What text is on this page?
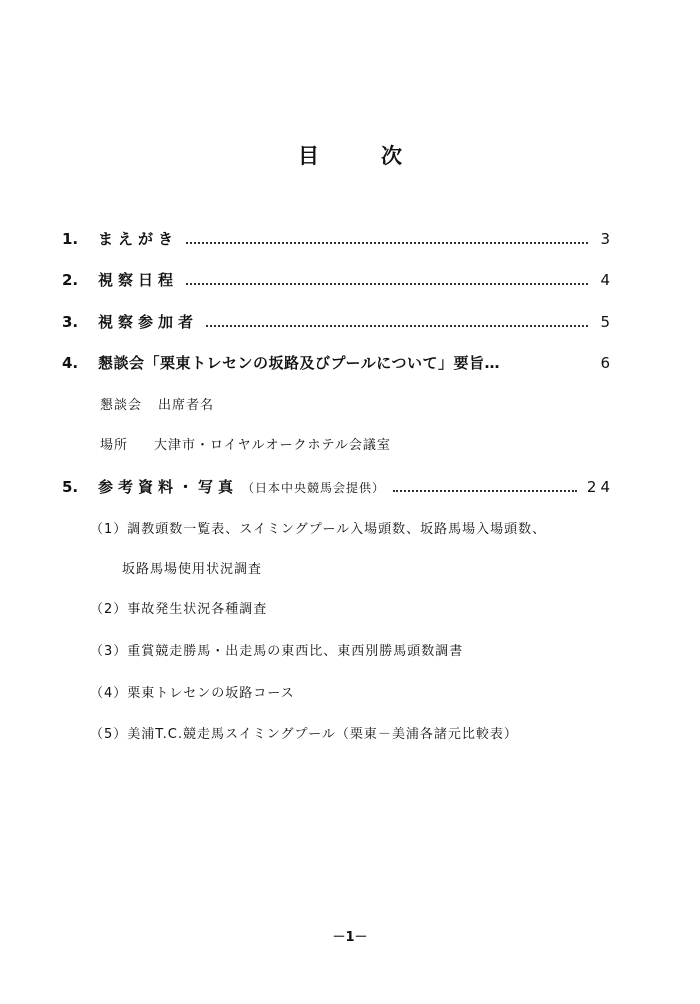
目次
1.	まえがき	3
2.	視察日程	4
3.	視察参加者	5
4.	懇談会「栗東トレセンの坂路及びプールについて」要旨…	6
懇談会 出席者名
場所 大津市・ロイヤルオークホテル会議室
5.	参考資料・写真 （日本中央競馬会提供）	24
（1）調教頭数一覧表、スイミングプール入場頭数、坂路馬場入場頭数、
坂路馬場使用状況調査
（2）事故発生状況各種調査
（3）重賞競走勝馬・出走馬の東西比、東西別勝馬頭数調書
（4）栗東トレセンの坂路コース
（5）美浦T.C.競走馬スイミングプール（栗東－美浦各諸元比較表）
－1－
